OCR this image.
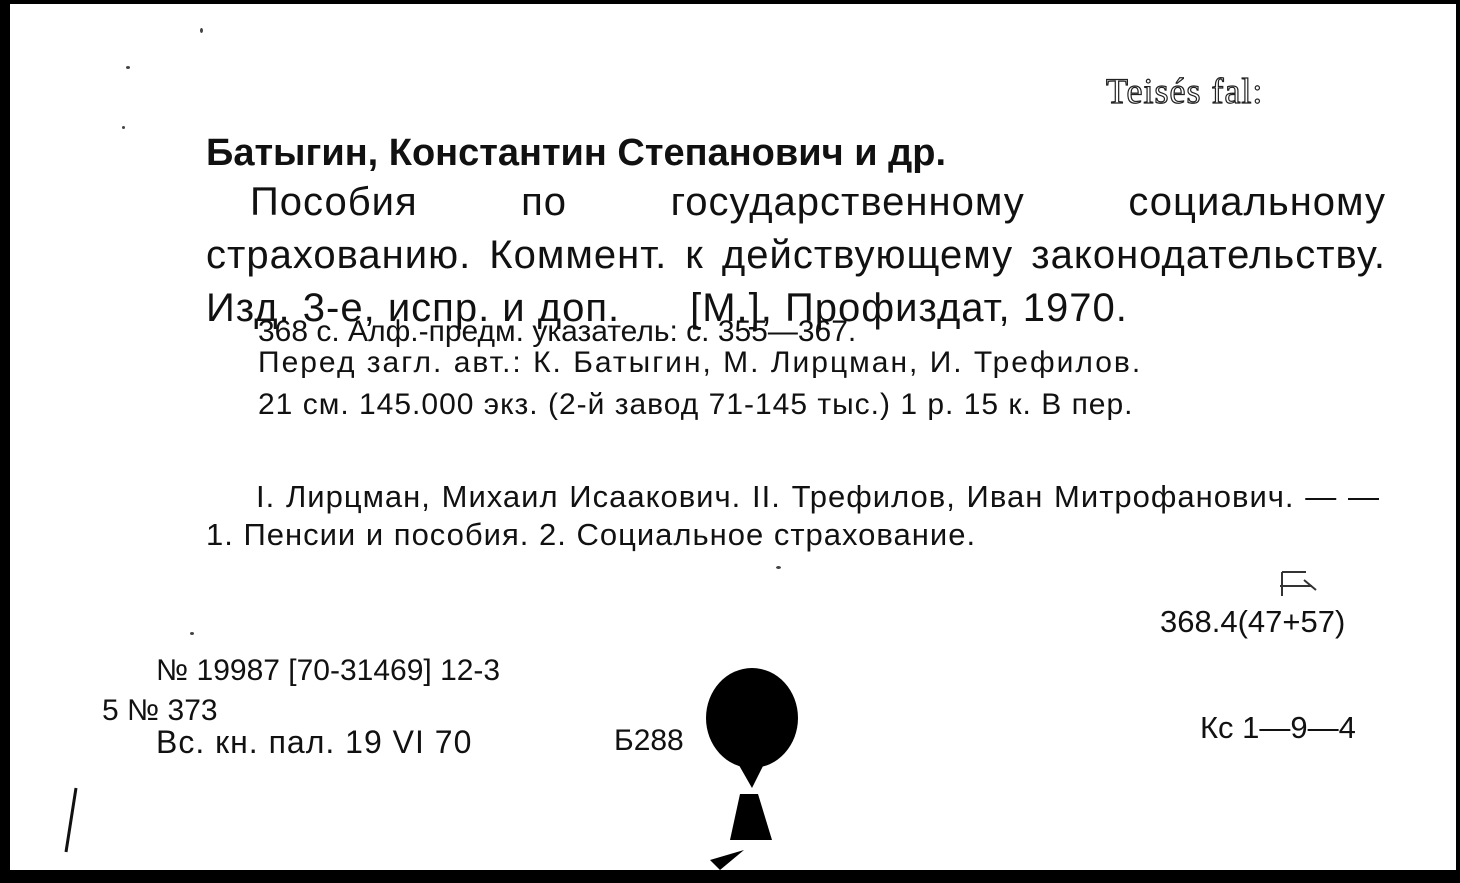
Teisés fal:
Батыгин, Константин Степанович и др.
Пособия по государственному социальному страхованию. Коммент. к действующему законодательству. Изд. 3-е, испр. и доп. [М.], Профиздат, 1970.
368 с. Алф.-предм. указатель: с. 355—367.
Перед загл. авт.: К. Батыгин, М. Лирцман, И. Трефилов.
21 см. 145.000 экз. (2-й завод 71-145 тыс.) 1 р. 15 к. В пер.
I. Лирцман, Михаил Исаакович. II. Трефилов, Иван Митрофанович. — — 1. Пенсии и пособия. 2. Социальное страхование.
368.4(47+57)
№ 19987 [70-31469] 12-3
5 № 373
Вс. кн. пал. 19 VI 70	Б288	Кс 1—9—4
